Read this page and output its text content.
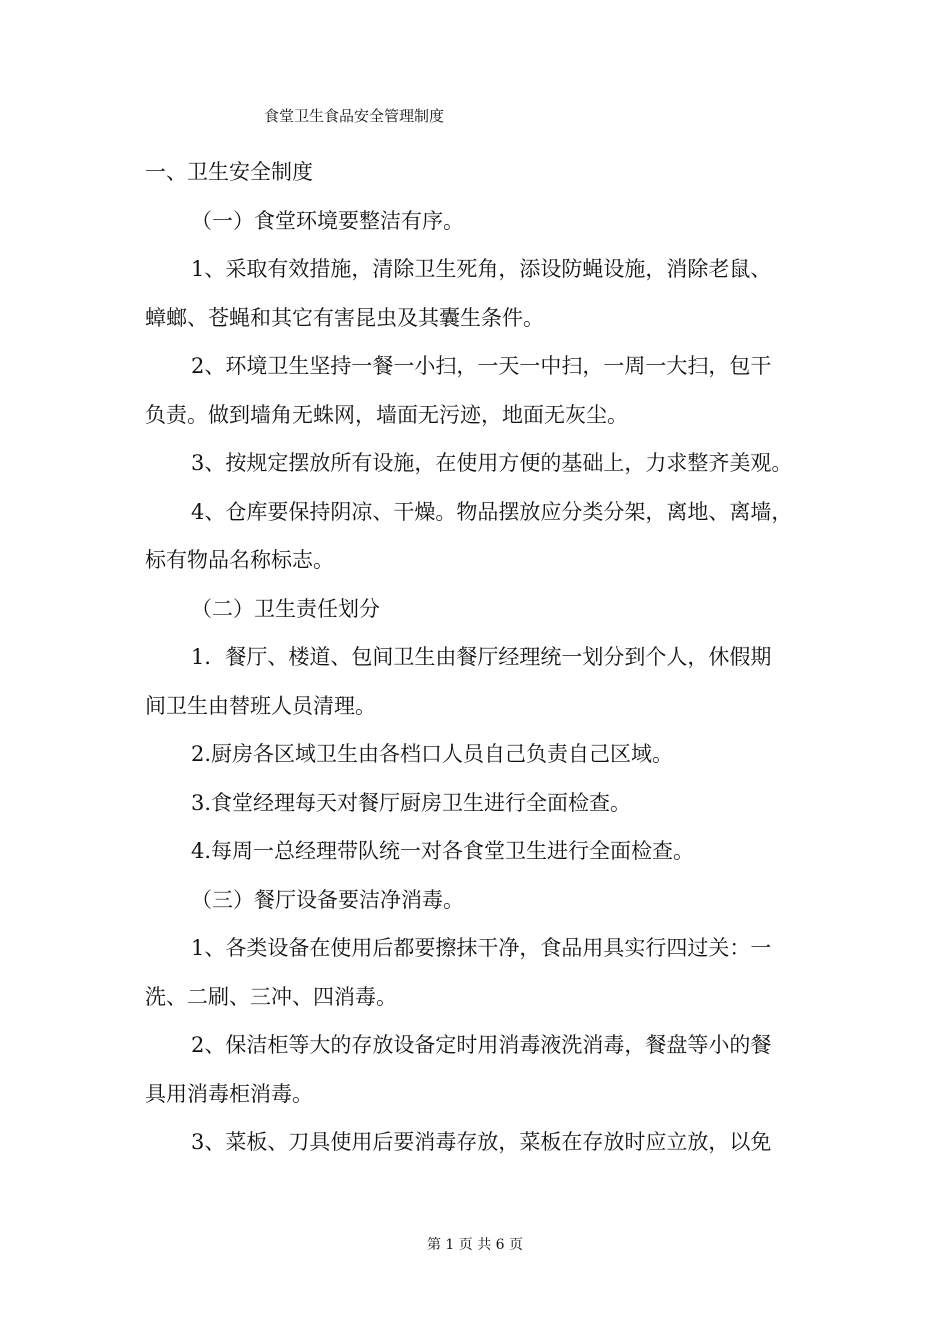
食堂卫生食品安全管理制度
一、卫生安全制度
（一）食堂环境要整洁有序。
1、采取有效措施，清除卫生死角，添设防蝇设施，消除老鼠、
蟑螂、苍蝇和其它有害昆虫及其囊生条件。
2、环境卫生坚持一餐一小扫，一天一中扫，一周一大扫，包干
负责。做到墙角无蛛网，墙面无污迹，地面无灰尘。
3、按规定摆放所有设施，在使用方便的基础上，力求整齐美观。
4、仓库要保持阴凉、干燥。物品摆放应分类分架，离地、离墙，
标有物品名称标志。
（二）卫生责任划分
1．餐厅、楼道、包间卫生由餐厅经理统一划分到个人，休假期
间卫生由替班人员清理。
2.厨房各区域卫生由各档口人员自己负责自己区域。
3.食堂经理每天对餐厅厨房卫生进行全面检查。
4.每周一总经理带队统一对各食堂卫生进行全面检查。
（三）餐厅设备要洁净消毒。
1、各类设备在使用后都要擦抹干净，食品用具实行四过关：一
洗、二刷、三冲、四消毒。
2、保洁柜等大的存放设备定时用消毒液洗消毒，餐盘等小的餐
具用消毒柜消毒。
3、菜板、刀具使用后要消毒存放，菜板在存放时应立放，以免
第 1 页 共 6 页
